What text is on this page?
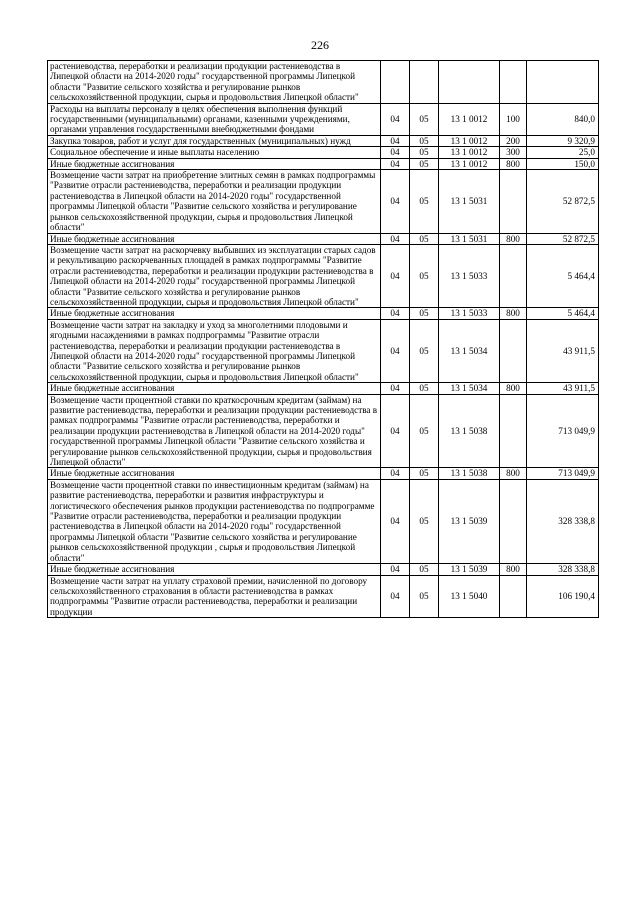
226
растениеводства, переработки и реализации продукции растениеводства в Липецкой области на 2014-2020 годы" государственной программы Липецкой области "Развитие сельского хозяйства и регулирование рынков сельскохозяйственной продукции, сырья и продовольствия Липецкой области"					
Расходы на выплаты персоналу в целях обеспечения выполнения функций государственными (муниципальными) органами, казенными учреждениями, органами управления государственными внебюджетными фондами	04	05	13 1 0012	100	840,0
Закупка товаров, работ и услуг для государственных (муниципальных) нужд	04	05	13 1 0012	200	9 320,9
Социальное обеспечение и иные выплаты населению	04	05	13 1 0012	300	25,0
Иные бюджетные ассигнования	04	05	13 1 0012	800	150,0
Возмещение части затрат на приобретение элитных семян в рамках подпрограммы "Развитие отрасли растениеводства, переработки и реализации продукции растениеводства в Липецкой области на 2014-2020 годы" государственной программы Липецкой области "Развитие сельского хозяйства и регулирование рынков сельскохозяйственной продукции, сырья и продовольствия Липецкой области"	04	05	13 1 5031		52 872,5
Иные бюджетные ассигнования	04	05	13 1 5031	800	52 872,5
Возмещение части затрат на раскорчевку выбывших из эксплуатации старых садов и рекультивацию раскорчеванных площадей в рамках подпрограммы "Развитие отрасли растениеводства, переработки и реализации продукции растениеводства в Липецкой области на 2014-2020 годы" государственной программы Липецкой области "Развитие сельского хозяйства и регулирование рынков сельскохозяйственной продукции, сырья и продовольствия Липецкой области"	04	05	13 1 5033		5 464,4
Иные бюджетные ассигнования	04	05	13 1 5033	800	5 464,4
Возмещение части затрат на закладку и уход за многолетними плодовыми и ягодными насаждениями в рамках подпрограммы "Развитие отрасли растениеводства, переработки и реализации продукции растениеводства в Липецкой области на 2014-2020 годы" государственной программы Липецкой области "Развитие сельского хозяйства и регулирование рынков сельскохозяйственной продукции, сырья и продовольствия Липецкой области"	04	05	13 1 5034		43 911,5
Иные бюджетные ассигнования	04	05	13 1 5034	800	43 911,5
Возмещение части процентной ставки по краткосрочным кредитам (займам) на развитие растениеводства, переработки и реализации продукции растениеводства в рамках подпрограммы "Развитие отрасли растениеводства, переработки и реализации продукции растениеводства в Липецкой области на 2014-2020 годы" государственной программы Липецкой области "Развитие сельского хозяйства и регулирование рынков сельскохозяйственной продукции, сырья и продовольствия Липецкой области"	04	05	13 1 5038		713 049,9
Иные бюджетные ассигнования	04	05	13 1 5038	800	713 049,9
Возмещение части процентной ставки по инвестиционным кредитам (займам) на развитие растениеводства, переработки и развития инфраструктуры и логистического обеспечения рынков продукции растениеводства по подпрограмме "Развитие отрасли растениеводства, переработки и реализации продукции растениеводства в Липецкой области на 2014-2020 годы" государственной программы Липецкой области "Развитие сельского хозяйства и регулирование рынков сельскохозяйственной продукции , сырья и продовольствия Липецкой области"	04	05	13 1 5039		328 338,8
Иные бюджетные ассигнования	04	05	13 1 5039	800	328 338,8
Возмещение части затрат на уплату страховой премии, начисленной по договору сельскохозяйственного страхования в области растениеводства в рамках подпрограммы "Развитие отрасли растениеводства, переработки и реализации продукции	04	05	13 1 5040		106 190,4
